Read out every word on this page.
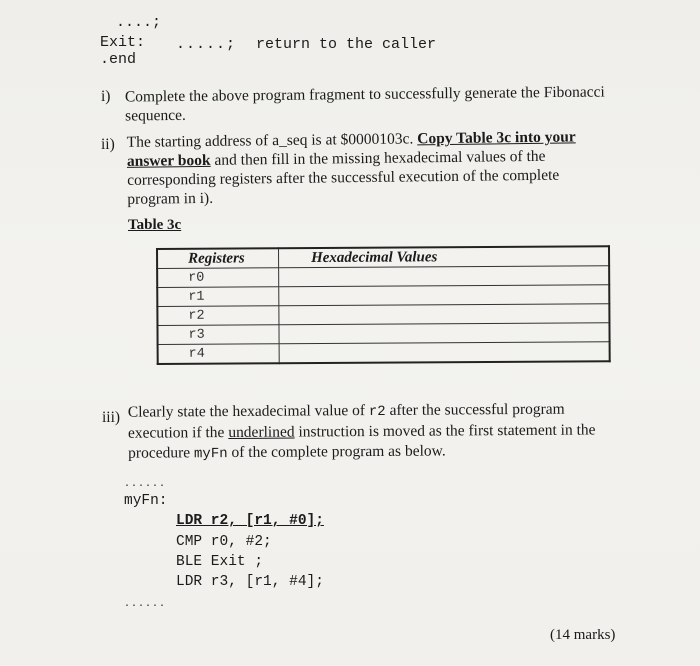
....;
Exit: .....; return to the caller
.end
i) Complete the above program fragment to successfully generate the Fibonacci sequence.
ii) The starting address of a_seq is at $0000103c. Copy Table 3c into your answer book and then fill in the missing hexadecimal values of the corresponding registers after the successful execution of the complete program in i).
Table 3c
Registers	Hexadecimal Values
r0	
r1	
r2	
r3	
r4	
iii) Clearly state the hexadecimal value of r2 after the successful program execution if the underlined instruction is moved as the first statement in the procedure myFn of the complete program as below.
......
myFn:
LDR r2, [r1, #0];
CMP r0, #2;
BLE Exit ;
LDR r3, [r1, #4];
......
(14 marks)
